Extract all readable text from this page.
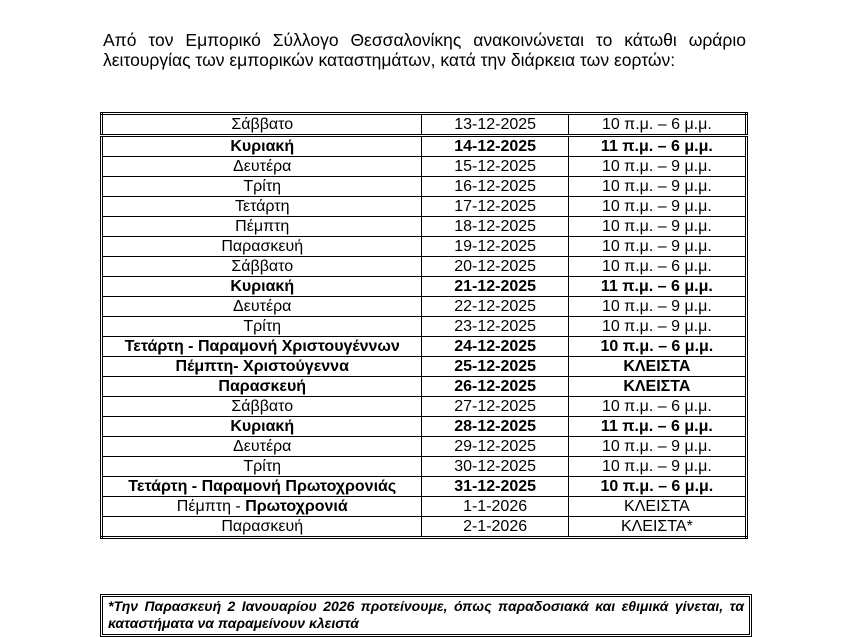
Από τον Εμπορικό Σύλλογο Θεσσαλονίκης ανακοινώνεται το κάτωθι ωράριο λειτουργίας των εμπορικών καταστημάτων, κατά την διάρκεια των εορτών:

Σάββατο	13-12-2025	10 π.μ. – 6 μ.μ.
Κυριακή	14-12-2025	11 π.μ. – 6 μ.μ.
Δευτέρα	15-12-2025	10 π.μ. – 9 μ.μ.
Τρίτη	16-12-2025	10 π.μ. – 9 μ.μ.
Τετάρτη	17-12-2025	10 π.μ. – 9 μ.μ.
Πέμπτη	18-12-2025	10 π.μ. – 9 μ.μ.
Παρασκευή	19-12-2025	10 π.μ. – 9 μ.μ.
Σάββατο	20-12-2025	10 π.μ. – 6 μ.μ.
Κυριακή	21-12-2025	11 π.μ. – 6 μ.μ.
Δευτέρα	22-12-2025	10 π.μ. – 9 μ.μ.
Τρίτη	23-12-2025	10 π.μ. – 9 μ.μ.
Τετάρτη - Παραμονή Χριστουγέννων	24-12-2025	10 π.μ. – 6 μ.μ.
Πέμπτη- Χριστούγεννα	25-12-2025	ΚΛΕΙΣΤΑ
Παρασκευή	26-12-2025	ΚΛΕΙΣΤΑ
Σάββατο	27-12-2025	10 π.μ. – 6 μ.μ.
Κυριακή	28-12-2025	11 π.μ. – 6 μ.μ.
Δευτέρα	29-12-2025	10 π.μ. – 9 μ.μ.
Τρίτη	30-12-2025	10 π.μ. – 9 μ.μ.
Τετάρτη - Παραμονή Πρωτοχρονιάς	31-12-2025	10 π.μ. – 6 μ.μ.
Πέμπτη - Πρωτοχρονιά	1-1-2026	ΚΛΕΙΣΤΑ
Παρασκευή	2-1-2026	ΚΛΕΙΣΤΑ*
*Την Παρασκευή 2 Ιανουαρίου 2026 προτείνουμε, όπως παραδοσιακά και εθιμικά γίνεται, τα καταστήματα να παραμείνουν κλειστά
